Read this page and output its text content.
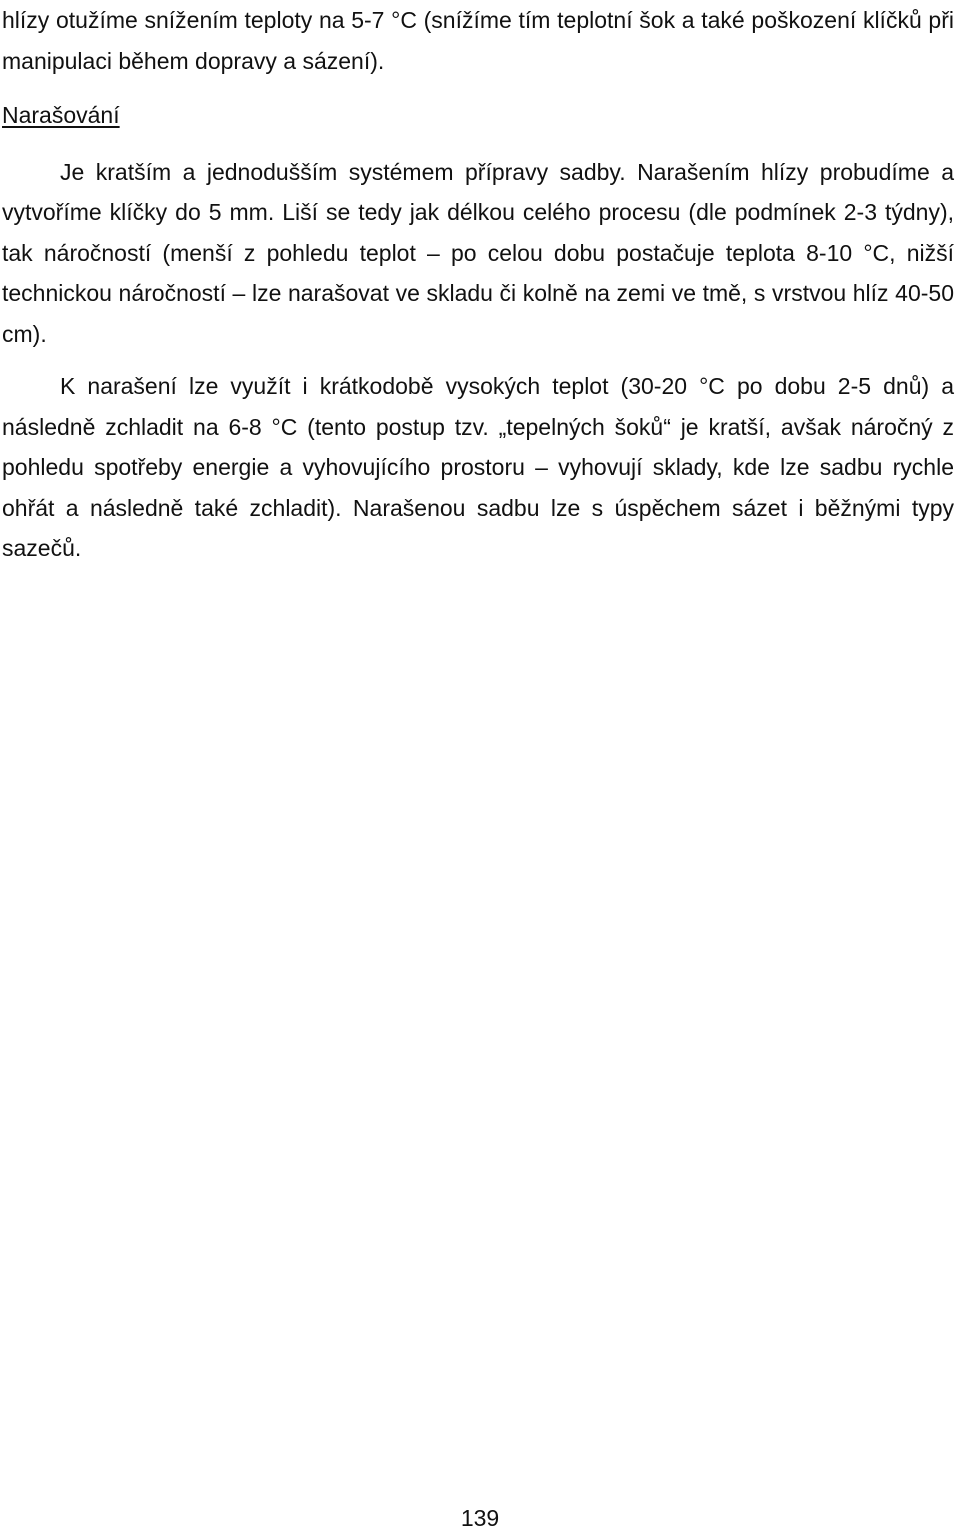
hlízy otužíme snížením teploty na 5-7 °C (snížíme tím teplotní šok a také poškození klíčků při manipulaci během dopravy a sázení).

Narašování

Je kratším a jednodušším systémem přípravy sadby. Narašením hlízy probudíme a vytvoříme klíčky do 5 mm. Liší se tedy jak délkou celého procesu (dle podmínek 2-3 týdny), tak náročností (menší z pohledu teplot – po celou dobu postačuje teplota 8-10 °C, nižší technickou náročností – lze narašovat ve skladu či kolně na zemi ve tmě, s vrstvou hlíz 40-50 cm).

K narašení lze využít i krátkodobě vysokých teplot (30-20 °C po dobu 2-5 dnů) a následně zchladit na 6-8 °C (tento postup tzv. „tepelných šoků“ je kratší, avšak náročný z pohledu spotřeby energie a vyhovujícího prostoru – vyhovují sklady, kde lze sadbu rychle ohřát a následně také zchladit). Narašenou sadbu lze s úspěchem sázet i běžnými typy sazečů.

139
